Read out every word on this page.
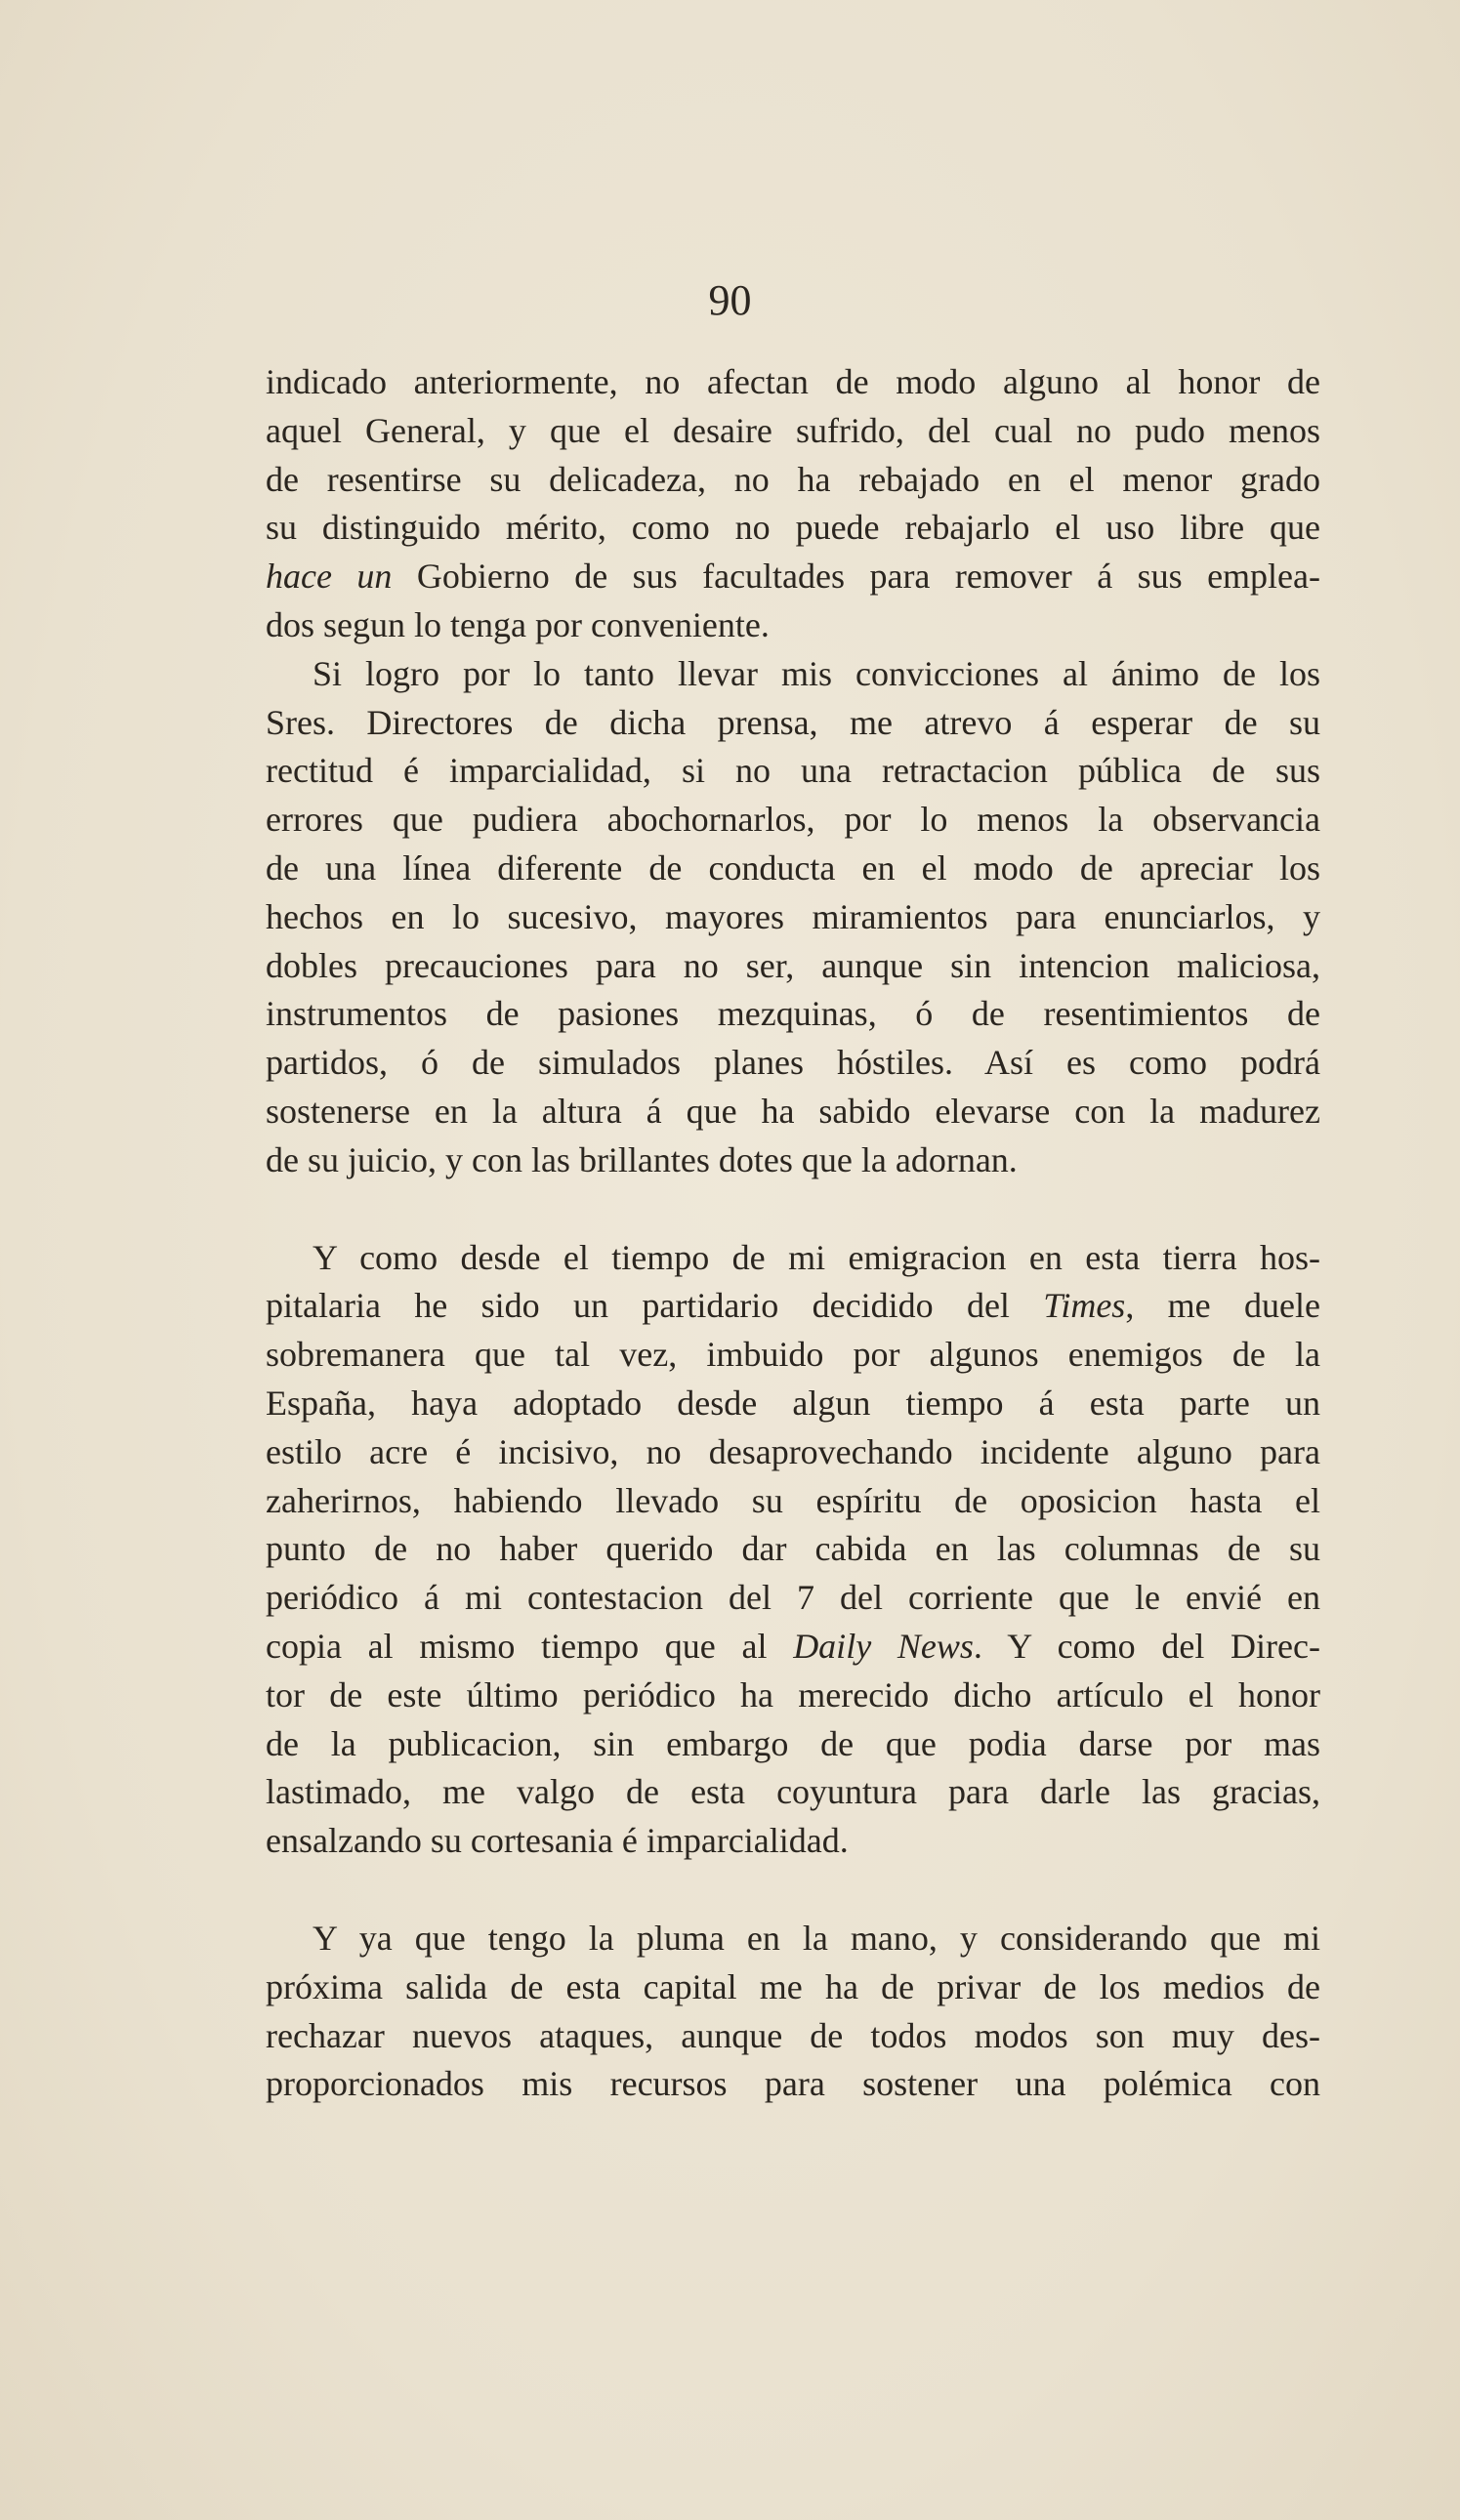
90
indicado anteriormente, no afectan de modo alguno al honor de
aquel General, y que el desaire sufrido, del cual no pudo menos
de resentirse su delicadeza, no ha rebajado en el menor grado
su distinguido mérito, como no puede rebajarlo el uso libre que
hace un Gobierno de sus facultades para remover á sus emplea-
dos segun lo tenga por conveniente.
Si logro por lo tanto llevar mis convicciones al ánimo de los
Sres. Directores de dicha prensa, me atrevo á esperar de su
rectitud é imparcialidad, si no una retractacion pública de sus
errores que pudiera abochornarlos, por lo menos la observancia
de una línea diferente de conducta en el modo de apreciar los
hechos en lo sucesivo, mayores miramientos para enunciarlos, y
dobles precauciones para no ser, aunque sin intencion maliciosa,
instrumentos de pasiones mezquinas, ó de resentimientos de
partidos, ó de simulados planes hóstiles. Así es como podrá
sostenerse en la altura á que ha sabido elevarse con la madurez
de su juicio, y con las brillantes dotes que la adornan.
Y como desde el tiempo de mi emigracion en esta tierra hos-
pitalaria he sido un partidario decidido del Times, me duele
sobremanera que tal vez, imbuido por algunos enemigos de la
España, haya adoptado desde algun tiempo á esta parte un
estilo acre é incisivo, no desaprovechando incidente alguno para
zaherirnos, habiendo llevado su espíritu de oposicion hasta el
punto de no haber querido dar cabida en las columnas de su
periódico á mi contestacion del 7 del corriente que le envié en
copia al mismo tiempo que al Daily News. Y como del Direc-
tor de este último periódico ha merecido dicho artículo el honor
de la publicacion, sin embargo de que podia darse por mas
lastimado, me valgo de esta coyuntura para darle las gracias,
ensalzando su cortesania é imparcialidad.
Y ya que tengo la pluma en la mano, y considerando que mi
próxima salida de esta capital me ha de privar de los medios de
rechazar nuevos ataques, aunque de todos modos son muy des-
proporcionados mis recursos para sostener una polémica con
